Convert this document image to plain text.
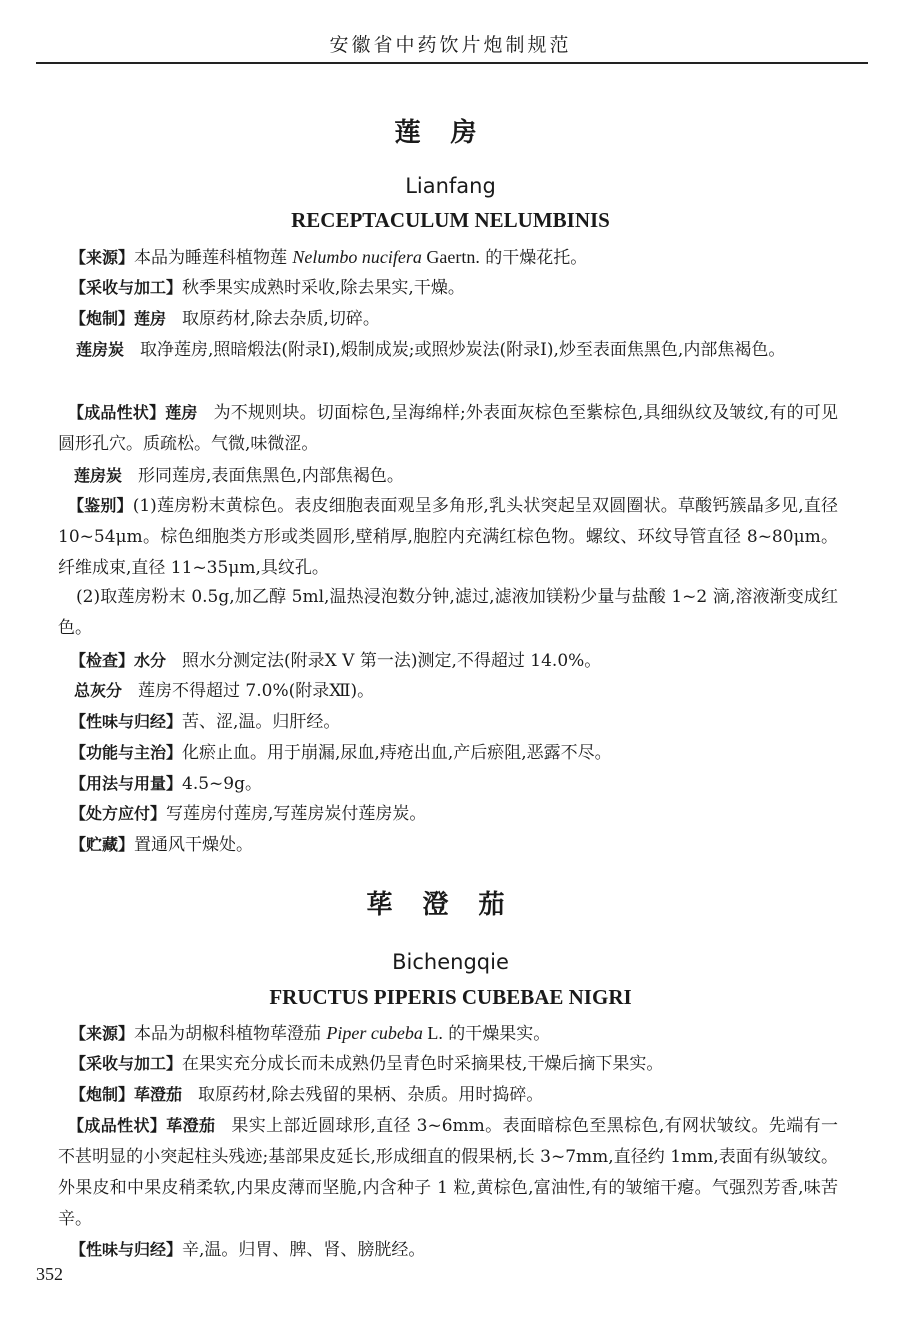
安徽省中药饮片炮制规范
莲房
Lianfang
RECEPTACULUM NELUMBINIS
【来源】本品为睡莲科植物莲 Nelumbo nucifera Gaertn. 的干燥花托。
【采收与加工】秋季果实成熟时采收,除去果实,干燥。
【炮制】莲房 取原药材,除去杂质,切碎。
莲房炭 取净莲房,照暗煅法(附录Ⅰ),煅制成炭;或照炒炭法(附录Ⅰ),炒至表面焦黑色,内部焦褐色。
【成品性状】莲房 为不规则块。切面棕色,呈海绵样;外表面灰棕色至紫棕色,具细纵纹及皱纹,有的可见圆形孔穴。质疏松。气微,味微涩。
莲房炭 形同莲房,表面焦黑色,内部焦褐色。
【鉴别】(1)莲房粉末黄棕色。表皮细胞表面观呈多角形,乳头状突起呈双圆圈状。草酸钙簇晶多见,直径 10~54μm。棕色细胞类方形或类圆形,壁稍厚,胞腔内充满红棕色物。螺纹、环纹导管直径 8~80μm。纤维成束,直径 11~35μm,具纹孔。
(2)取莲房粉末 0.5g,加乙醇 5ml,温热浸泡数分钟,滤过,滤液加镁粉少量与盐酸 1~2 滴,溶液渐变成红色。
【检查】水分 照水分测定法(附录Ⅹ V 第一法)测定,不得超过 14.0%。
总灰分 莲房不得超过 7.0%(附录Ⅻ)。
【性味与归经】苦、涩,温。归肝经。
【功能与主治】化瘀止血。用于崩漏,尿血,痔疮出血,产后瘀阻,恶露不尽。
【用法与用量】4.5~9g。
【处方应付】写莲房付莲房,写莲房炭付莲房炭。
【贮藏】置通风干燥处。
荜澄茄
Bichengqie
FRUCTUS PIPERIS CUBEBAE NIGRI
【来源】本品为胡椒科植物荜澄茄 Piper cubeba L. 的干燥果实。
【采收与加工】在果实充分成长而未成熟仍呈青色时采摘果枝,干燥后摘下果实。
【炮制】荜澄茄 取原药材,除去残留的果柄、杂质。用时捣碎。
【成品性状】荜澄茄 果实上部近圆球形,直径 3~6mm。表面暗棕色至黑棕色,有网状皱纹。先端有一不甚明显的小突起柱头残迹;基部果皮延长,形成细直的假果柄,长 3~7mm,直径约 1mm,表面有纵皱纹。外果皮和中果皮稍柔软,内果皮薄而坚脆,内含种子 1 粒,黄棕色,富油性,有的皱缩干瘪。气强烈芳香,味苦辛。
【性味与归经】辛,温。归胃、脾、肾、膀胱经。
352
